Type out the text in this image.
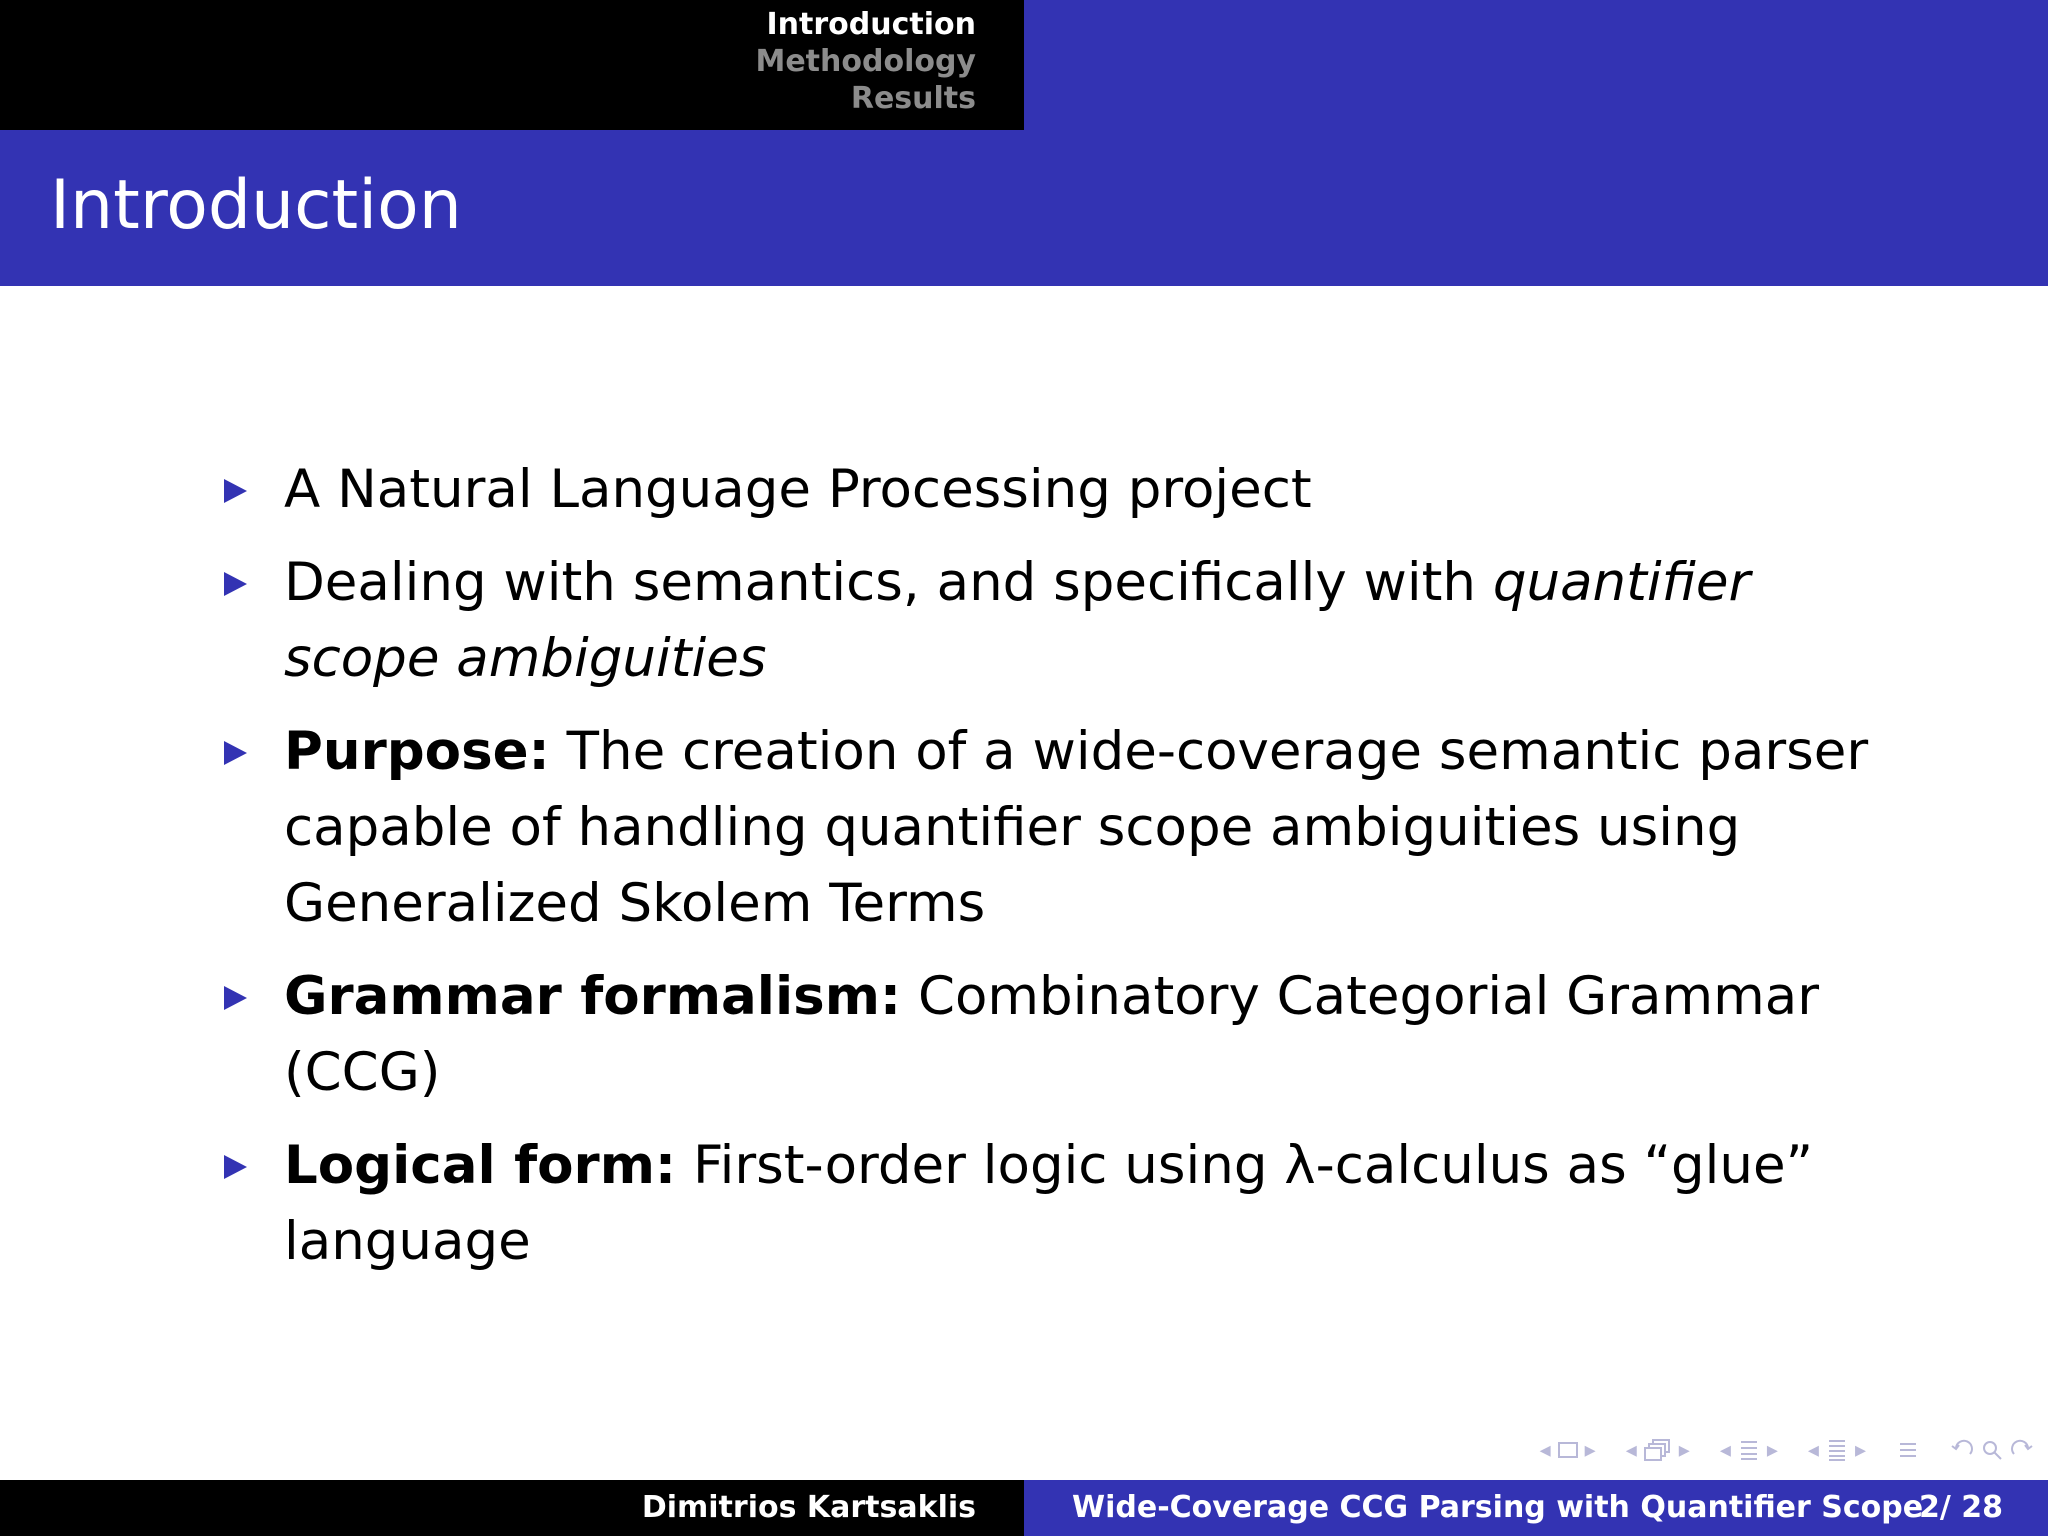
Introduction
Methodology
Results
Introduction
A Natural Language Processing project
Dealing with semantics, and specifically with quantifier scope ambiguities
Purpose: The creation of a wide-coverage semantic parser capable of handling quantifier scope ambiguities using Generalized Skolem Terms
Grammar formalism: Combinatory Categorial Grammar (CCG)
Logical form: First-order logic using λ-calculus as “glue” language
◂ ▸ ◂ ▸ ◂ ▸ ◂ ▸
Dimitrios Kartsaklis	Wide-Coverage CCG Parsing with Quantifier Scope
2/ 28
